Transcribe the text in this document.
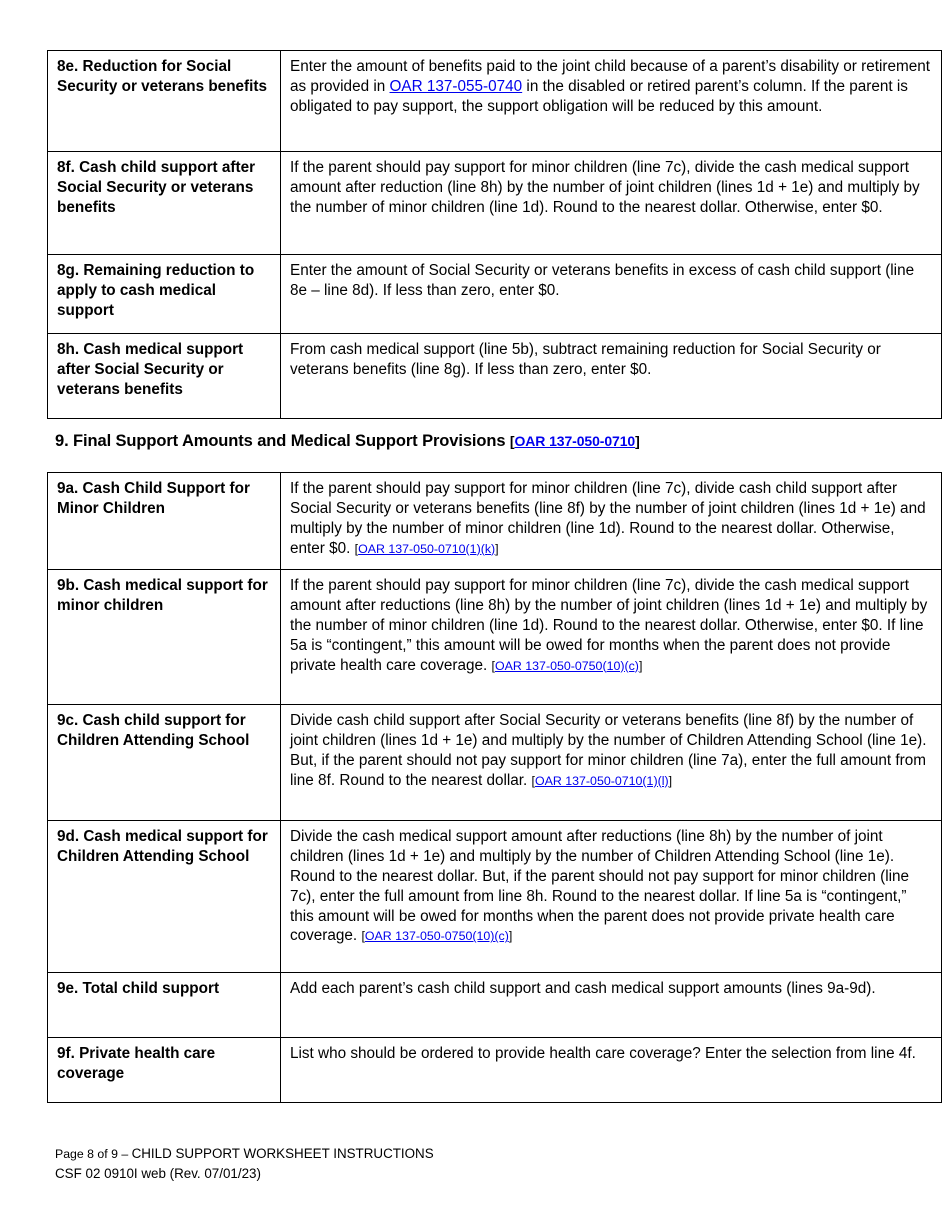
8e. Reduction for Social Security or veterans benefits	Enter the amount of benefits paid to the joint child because of a parent’s disability or retirement as provided in OAR 137-055-0740 in the disabled or retired parent’s column. If the parent is obligated to pay support, the support obligation will be reduced by this amount.
8f. Cash child support after Social Security or veterans benefits	If the parent should pay support for minor children (line 7c), divide the cash medical support amount after reduction (line 8h) by the number of joint children (lines 1d + 1e) and multiply by the number of minor children (line 1d). Round to the nearest dollar. Otherwise, enter $0.
8g. Remaining reduction to apply to cash medical support	Enter the amount of Social Security or veterans benefits in excess of cash child support (line 8e – line 8d). If less than zero, enter $0.
8h. Cash medical support after Social Security or veterans benefits	From cash medical support (line 5b), subtract remaining reduction for Social Security or veterans benefits (line 8g). If less than zero, enter $0.
9. Final Support Amounts and Medical Support Provisions [OAR 137-050-0710]
9a. Cash Child Support for Minor Children	If the parent should pay support for minor children (line 7c), divide cash child support after Social Security or veterans benefits (line 8f) by the number of joint children (lines 1d + 1e) and multiply by the number of minor children (line 1d). Round to the nearest dollar. Otherwise, enter $0. [OAR 137-050-0710(1)(k)]
9b. Cash medical support for minor children	If the parent should pay support for minor children (line 7c), divide the cash medical support amount after reductions (line 8h) by the number of joint children (lines 1d + 1e) and multiply by the number of minor children (line 1d). Round to the nearest dollar. Otherwise, enter $0. If line 5a is “contingent,” this amount will be owed for months when the parent does not provide private health care coverage. [OAR 137-050-0750(10)(c)]
9c. Cash child support for Children Attending School	Divide cash child support after Social Security or veterans benefits (line 8f) by the number of joint children (lines 1d + 1e) and multiply by the number of Children Attending School (line 1e). But, if the parent should not pay support for minor children (line 7a), enter the full amount from line 8f. Round to the nearest dollar. [OAR 137-050-0710(1)(l)]
9d. Cash medical support for Children Attending School	Divide the cash medical support amount after reductions (line 8h) by the number of joint children (lines 1d + 1e) and multiply by the number of Children Attending School (line 1e). Round to the nearest dollar. But, if the parent should not pay support for minor children (line 7c), enter the full amount from line 8h. Round to the nearest dollar. If line 5a is “contingent,” this amount will be owed for months when the parent does not provide private health care coverage. [OAR 137-050-0750(10)(c)]
9e. Total child support	Add each parent’s cash child support and cash medical support amounts (lines 9a-9d).
9f. Private health care coverage	List who should be ordered to provide health care coverage? Enter the selection from line 4f.
Page 8 of 9 – CHILD SUPPORT WORKSHEET INSTRUCTIONS
CSF 02 0910I web (Rev. 07/01/23)
